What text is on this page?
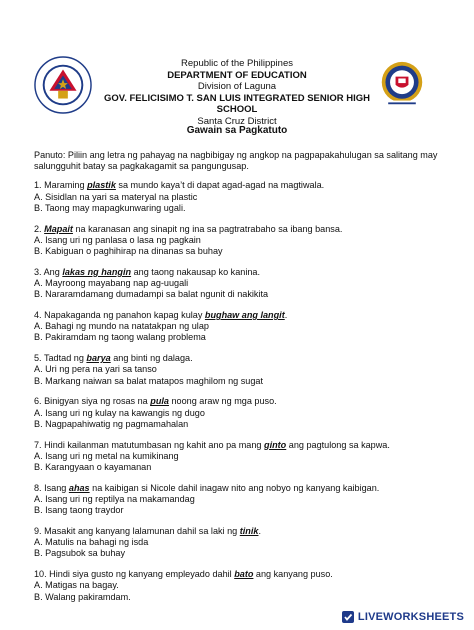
Republic of the Philippines
DEPARTMENT OF EDUCATION
Division of Laguna
GOV. FELICISIMO T. SAN LUIS INTEGRATED SENIOR HIGH SCHOOL
Santa Cruz District
Gawain sa Pagkatuto

Panuto: Piliin ang letra ng pahayag na nagbibigay ng angkop na pagpapakahulugan sa salitang may salungguhit batay sa pagkakagamit sa pangungusap.

1. Maraming plastik sa mundo kaya’t di dapat agad-agad na magtiwala.

A. Sisidlan na yari sa materyal na plastic

B. Taong may mapagkunwaring ugali.

2. Mapait na karanasan ang sinapit ng ina sa pagtratrabaho sa ibang bansa.

A. Isang uri ng panlasa o lasa ng pagkain

B. Kabiguan o paghihirap na dinanas sa buhay

3. Ang lakas ng hangin ang taong nakausap ko kanina.

A. Mayroong mayabang nap ag-uugali

B. Nararamdamang dumadampi sa balat ngunit di nakikita

4. Napakaganda ng panahon kapag kulay bughaw ang langit.

A. Bahagi ng mundo na natatakpan ng ulap

B. Pakiramdam ng taong walang problema

5. Tadtad ng barya ang binti ng dalaga.

A. Uri ng pera na yari sa tanso

B. Markang naiwan sa balat matapos maghilom ng sugat

6. Binigyan siya ng rosas na pula noong araw ng mga puso.

A. Isang uri ng kulay na kawangis ng dugo

B. Nagpapahiwatig ng pagmamahalan

7. Hindi kailanman matutumbasan ng kahit ano pa mang ginto ang pagtulong sa kapwa.

A. Isang uri ng metal na kumikinang

B. Karangyaan o kayamanan

8. Isang ahas na kaibigan si Nicole dahil inagaw nito ang nobyo ng kanyang kaibigan.

A. Isang uri ng reptilya na makamandag

B. Isang taong traydor

9. Masakit ang kanyang lalamunan dahil sa laki ng tinik.

A. Matulis na bahagi ng isda

B. Pagsubok sa buhay

10. Hindi siya gusto ng kanyang empleyado dahil bato ang kanyang puso.

A. Matigas na bagay.

B. Walang pakiramdam.

LIVEWORKSHEETS
